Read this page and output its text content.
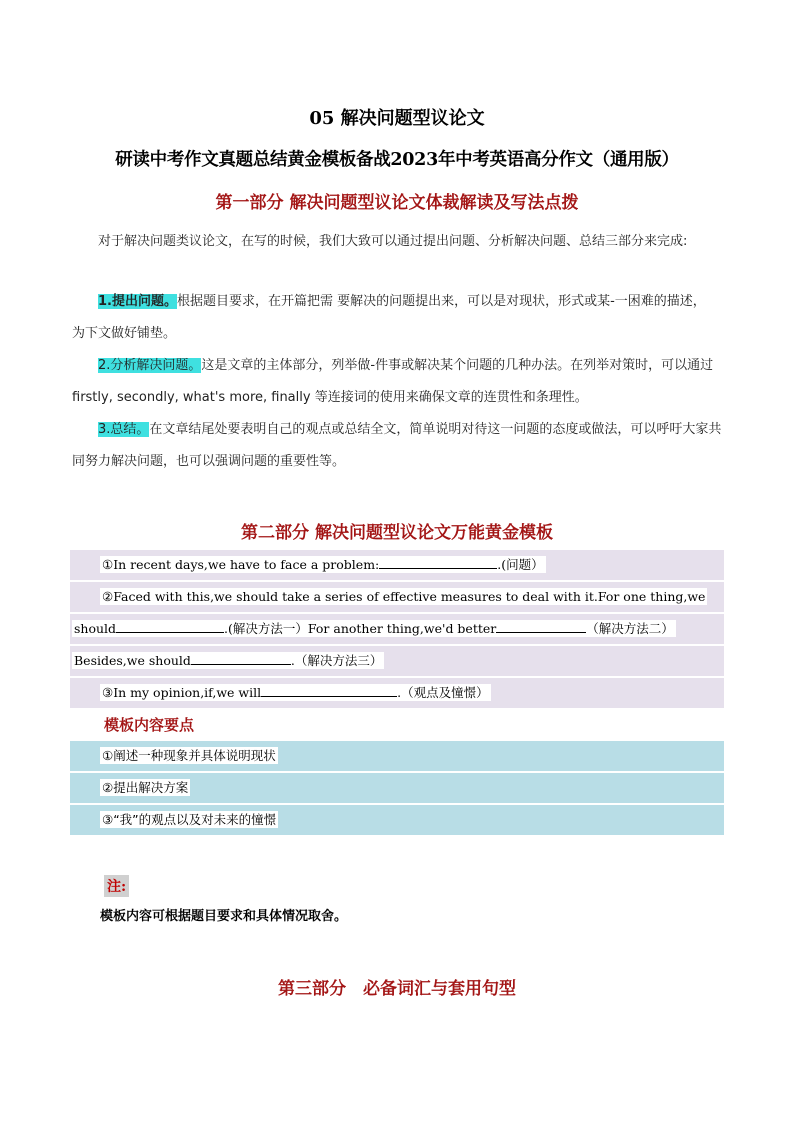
05 解决问题型议论文
研读中考作文真题总结黄金模板备战2023年中考英语高分作文（通用版）
第一部分 解决问题型议论文体裁解读及写法点拨
对于解决问题类议论文，在写的时候，我们大致可以通过提出问题、分析解决问题、总结三部分来完成:
1.提出问题。根据题目要求，在开篇把需 要解决的问题提出来，可以是对现状，形式或某-一困难的描述， 为下文做好铺垫。
2.分析解决问题。这是文章的主体部分，列举做-件事或解决某个问题的几种办法。在列举对策时，可以通过 firstly, secondly, what's more, finally 等连接词的使用来确保文章的连贯性和条理性。
3.总结。在文章结尾处要表明自己的观点或总结全文，简单说明对待这一问题的态度或做法，可以呼吁大家共同努力解决问题，也可以强调问题的重要性等。
第二部分 解决问题型议论文万能黄金模板
①In recent days,we have to face a problem:	.(问题）
②Faced with this,we should take a series of effective measures to deal with it.For one thing,we
should	.(解决方法一）For another thing,we'd better	（解决方法二）
Besides,we should	.（解决方法三）
③In my opinion,if,we will	.（观点及憧憬）
模板内容要点
①阐述一种现象并具体说明现状
②提出解决方案
③“我”的观点以及对未来的憧憬
注:
模板内容可根据题目要求和具体情况取舍。
第三部分　必备词汇与套用句型
